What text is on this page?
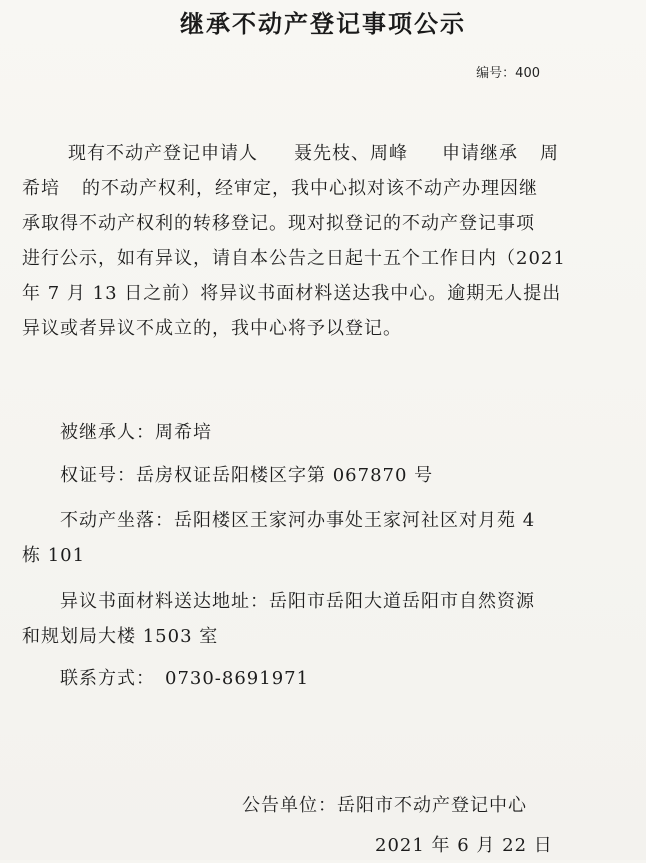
继承不动产登记事项公示
编号：400
现有不动产登记申请人 聂先枝、周峰 申请继承 周
希培 的不动产权利，经审定，我中心拟对该不动产办理因继
承取得不动产权利的转移登记。现对拟登记的不动产登记事项
进行公示，如有异议，请自本公告之日起十五个工作日内（2021
年 7 月 13 日之前）将异议书面材料送达我中心。逾期无人提出
异议或者异议不成立的，我中心将予以登记。
被继承人：周希培
权证号：岳房权证岳阳楼区字第 067870 号
不动产坐落：岳阳楼区王家河办事处王家河社区对月苑 4
栋 101
异议书面材料送达地址：岳阳市岳阳大道岳阳市自然资源
和规划局大楼 1503 室
联系方式： 0730-8691971
公告单位：岳阳市不动产登记中心
2021 年 6 月 22 日
